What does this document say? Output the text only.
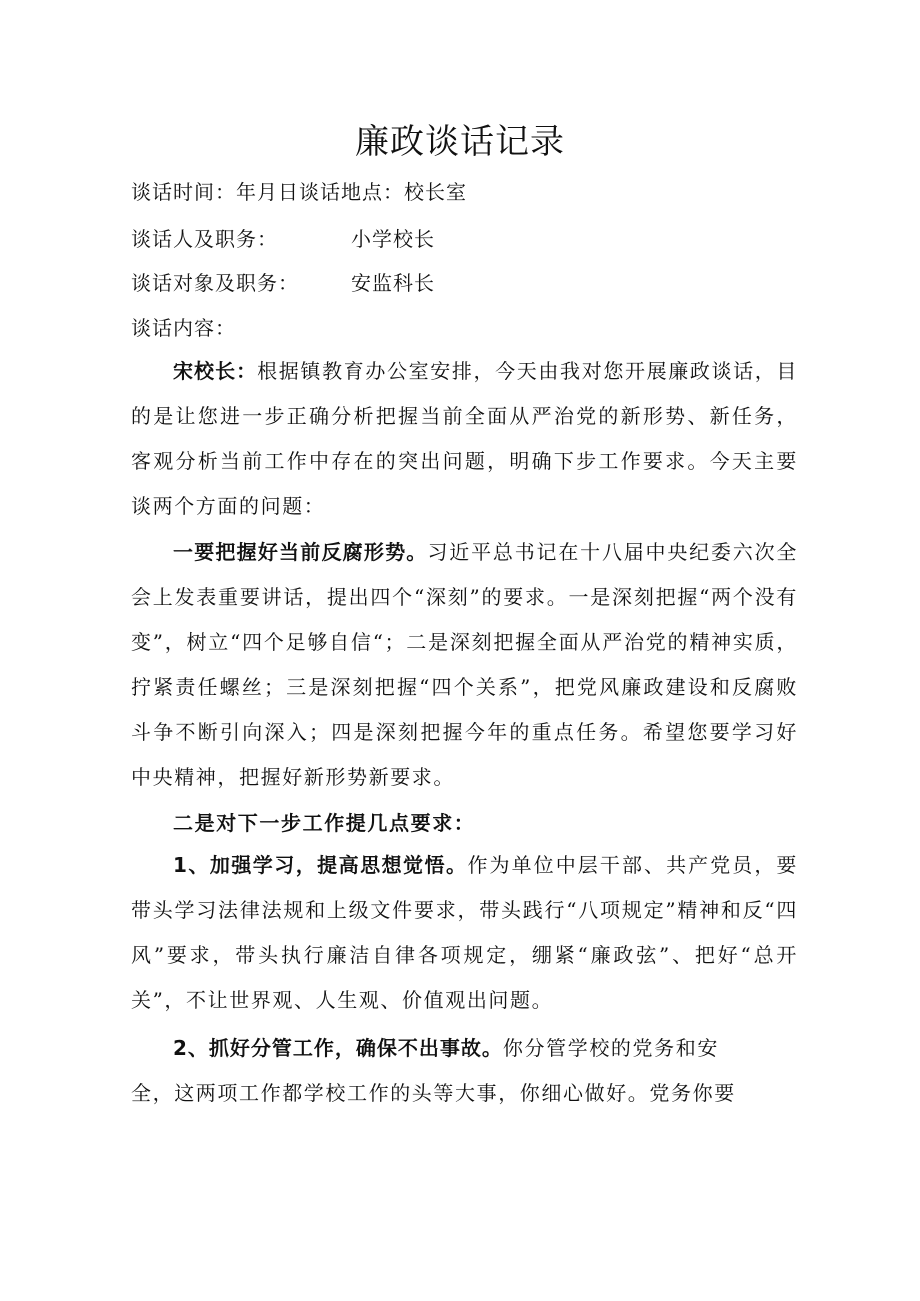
廉政谈话记录
谈话时间：年月日谈话地点：校长室
谈话人及职务：	小学校长
谈话对象及职务：	安监科长
谈话内容：

宋校长：根据镇教育办公室安排，今天由我对您开展廉政谈话，目的是让您进一步正确分析把握当前全面从严治党的新形势、新任务，客观分析当前工作中存在的突出问题，明确下步工作要求。今天主要谈两个方面的问题：

一要把握好当前反腐形势。习近平总书记在十八届中央纪委六次全会上发表重要讲话，提出四个“深刻”的要求。一是深刻把握“两个没有变”，树立“四个足够自信“；二是深刻把握全面从严治党的精神实质，拧紧责任螺丝；三是深刻把握“四个关系”，把党风廉政建设和反腐败斗争不断引向深入；四是深刻把握今年的重点任务。希望您要学习好中央精神，把握好新形势新要求。

二是对下一步工作提几点要求：

1、加强学习，提高思想觉悟。作为单位中层干部、共产党员，要带头学习法律法规和上级文件要求，带头践行“八项规定”精神和反“四风”要求，带头执行廉洁自律各项规定，绷紧“廉政弦”、把好“总开关”，不让世界观、人生观、价值观出问题。

2、抓好分管工作，确保不出事故。你分管学校的党务和安
全，这两项工作都学校工作的头等大事，你细心做好。党务你要
